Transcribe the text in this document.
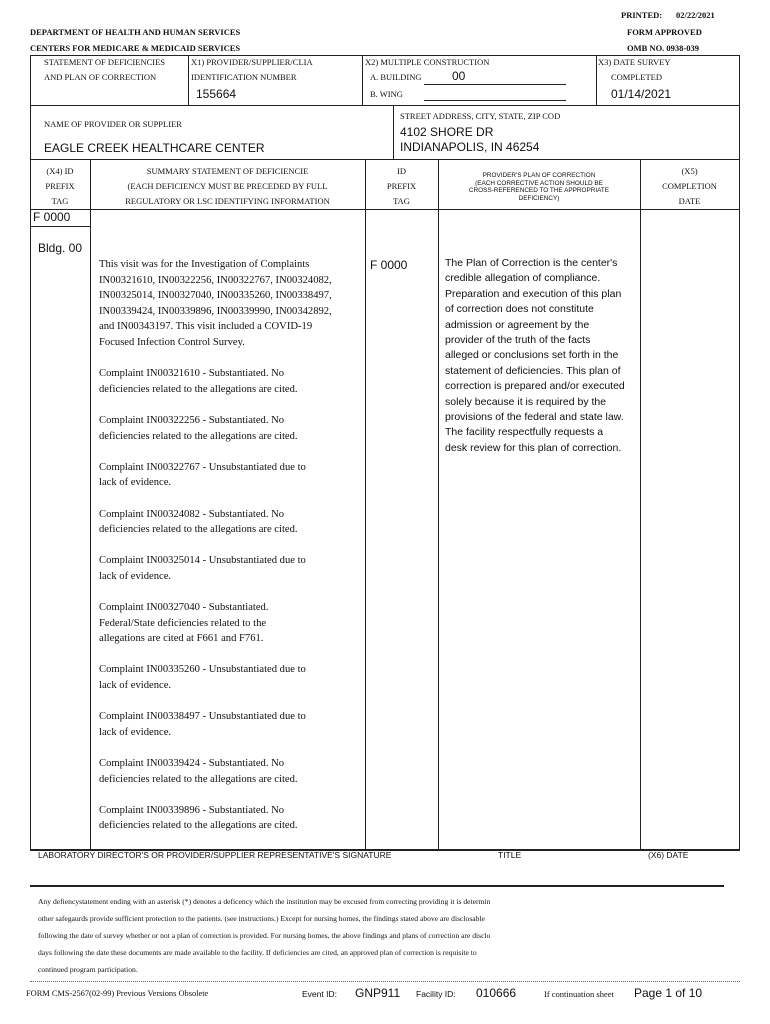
PRINTED: 02/22/2021
DEPARTMENT OF HEALTH AND HUMAN SERVICES
CENTERS FOR MEDICARE & MEDICAID SERVICES
FORM APPROVED
OMB NO. 0938-039
STATEMENT OF DEFICIENCIES
AND PLAN OF CORRECTION
X1) PROVIDER/SUPPLIER/CLIA
IDENTIFICATION NUMBER
155664
X2) MULTIPLE CONSTRUCTION
A. BUILDING	00
B. WING
X3) DATE SURVEY
COMPLETED
01/14/2021
NAME OF PROVIDER OR SUPPLIER
EAGLE CREEK HEALTHCARE CENTER
STREET ADDRESS, CITY, STATE, ZIP COD
4102 SHORE DR
INDIANAPOLIS, IN 46254
(X4) ID
PREFIX
TAG
SUMMARY STATEMENT OF DEFICIENCIE
(EACH DEFICIENCY MUST BE PRECEDED BY FULL
REGULATORY OR LSC IDENTIFYING INFORMATION
ID
PREFIX
TAG
PROVIDER'S PLAN OF CORRECTION
(EACH CORRECTIVE ACTION SHOULD BE
CROSS-REFERENCED TO THE APPROPRIATE
DEFICIENCY)
(X5)
COMPLETION
DATE
F 0000
Bldg. 00
F 0000

This visit was for the Investigation of Complaints
IN00321610, IN00322256, IN00322767, IN00324082,
IN00325014, IN00327040, IN00335260, IN00338497,
IN00339424, IN00339896, IN00339990, IN00342892,
and IN00343197. This visit included a COVID-19
Focused Infection Control Survey.

Complaint IN00321610 - Substantiated. No
deficiencies related to the allegations are cited.

Complaint IN00322256 - Substantiated. No
deficiencies related to the allegations are cited.

Complaint IN00322767 - Unsubstantiated due to
lack of evidence.

Complaint IN00324082 - Substantiated. No
deficiencies related to the allegations are cited.

Complaint IN00325014 - Unsubstantiated due to
lack of evidence.

Complaint IN00327040 - Substantiated.
Federal/State deficiencies related to the
allegations are cited at F661 and F761.

Complaint IN00335260 - Unsubstantiated due to
lack of evidence.

Complaint IN00338497 - Unsubstantiated due to
lack of evidence.

Complaint IN00339424 - Substantiated. No
deficiencies related to the allegations are cited.

Complaint IN00339896 - Substantiated. No
deficiencies related to the allegations are cited.

The Plan of Correction is the center's credible allegation of compliance. Preparation and execution of this plan of correction does not constitute admission or agreement by the provider of the truth of the facts alleged or conclusions set forth in the statement of deficiencies. This plan of correction is prepared and/or executed solely because it is required by the provisions of the federal and state law. The facility respectfully requests a desk review for this plan of correction.
LABORATORY DIRECTOR'S OR PROVIDER/SUPPLIER REPRESENTATIVE'S SIGNATURE	TITLE	(X6) DATE
Any defiencystatement ending with an asterisk (*) denotes a deficency which the institution may be excused from correcting providing it is determin
other safegaurds provide sufficient protection to the patients. (see instructions.) Except for nursing homes, the findings stated above are disclosable
following the date of survey whether or not a plan of correction is provided. For nursing homes, the above findings and plans of correction are disclo
days following the date these documents are made available to the facility. If deficiencies are cited, an approved plan of correction is requisite to
continued program participation.
FORM CMS-2567(02-99) Previous Versions Obsolete	Event ID: GNP911 Facility ID: 010666	If continuation sheet Page 1 of 10
